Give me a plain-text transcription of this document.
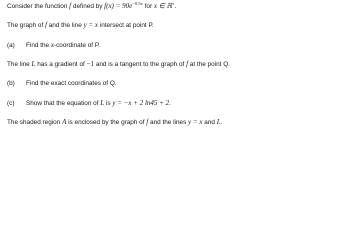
Consider the function f defined by $f(x) = 90e^{-0.5x}$ for x ∈ ℝ+.
The graph of f and the line y = x intersect at point P.
(a) Find the x-coordinate of P.
The line L has a gradient of −1 and is a tangent to the graph of f at the point Q.
(b) Find the exact coordinates of Q.
(c) Show that the equation of L is y = −x + 2 ln45 + 2.
The shaded region A is enclosed by the graph of f and the lines y = x and L.
